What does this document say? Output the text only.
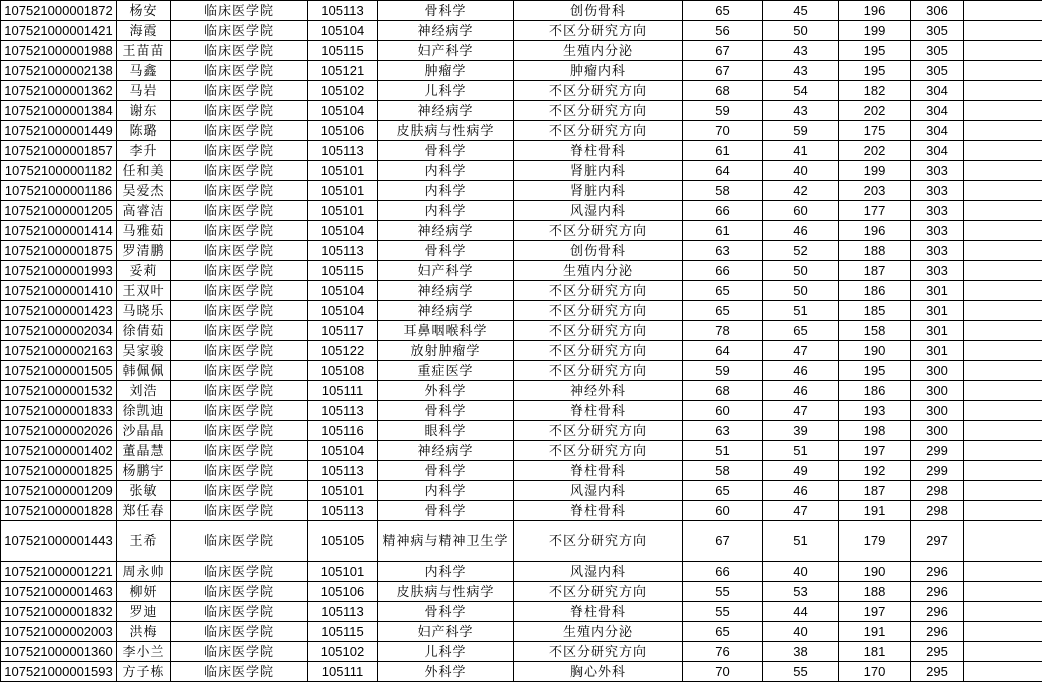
107521000001872	杨安	临床医学院	105113	骨科学	创伤骨科	65	45	196	306	
107521000001421	海霞	临床医学院	105104	神经病学	不区分研究方向	56	50	199	305	
107521000001988	王苗苗	临床医学院	105115	妇产科学	生殖内分泌	67	43	195	305	
107521000002138	马鑫	临床医学院	105121	肿瘤学	肿瘤内科	67	43	195	305	
107521000001362	马岩	临床医学院	105102	儿科学	不区分研究方向	68	54	182	304	
107521000001384	谢东	临床医学院	105104	神经病学	不区分研究方向	59	43	202	304	
107521000001449	陈璐	临床医学院	105106	皮肤病与性病学	不区分研究方向	70	59	175	304	
107521000001857	李升	临床医学院	105113	骨科学	脊柱骨科	61	41	202	304	
107521000001182	任和美	临床医学院	105101	内科学	肾脏内科	64	40	199	303	
107521000001186	吴爱杰	临床医学院	105101	内科学	肾脏内科	58	42	203	303	
107521000001205	高睿洁	临床医学院	105101	内科学	风湿内科	66	60	177	303	
107521000001414	马雅茹	临床医学院	105104	神经病学	不区分研究方向	61	46	196	303	
107521000001875	罗清鹏	临床医学院	105113	骨科学	创伤骨科	63	52	188	303	
107521000001993	妥莉	临床医学院	105115	妇产科学	生殖内分泌	66	50	187	303	
107521000001410	王双叶	临床医学院	105104	神经病学	不区分研究方向	65	50	186	301	
107521000001423	马晓乐	临床医学院	105104	神经病学	不区分研究方向	65	51	185	301	
107521000002034	徐倩茹	临床医学院	105117	耳鼻咽喉科学	不区分研究方向	78	65	158	301	
107521000002163	吴家骏	临床医学院	105122	放射肿瘤学	不区分研究方向	64	47	190	301	
107521000001505	韩佩佩	临床医学院	105108	重症医学	不区分研究方向	59	46	195	300	
107521000001532	刘浩	临床医学院	105111	外科学	神经外科	68	46	186	300	
107521000001833	徐凯迪	临床医学院	105113	骨科学	脊柱骨科	60	47	193	300	
107521000002026	沙晶晶	临床医学院	105116	眼科学	不区分研究方向	63	39	198	300	
107521000001402	董晶慧	临床医学院	105104	神经病学	不区分研究方向	51	51	197	299	
107521000001825	杨鹏宇	临床医学院	105113	骨科学	脊柱骨科	58	49	192	299	
107521000001209	张敏	临床医学院	105101	内科学	风湿内科	65	46	187	298	
107521000001828	郑任春	临床医学院	105113	骨科学	脊柱骨科	60	47	191	298	
107521000001443	王希	临床医学院	105105	精神病与精神卫生学	不区分研究方向	67	51	179	297	
107521000001221	周永帅	临床医学院	105101	内科学	风湿内科	66	40	190	296	
107521000001463	柳妍	临床医学院	105106	皮肤病与性病学	不区分研究方向	55	53	188	296	
107521000001832	罗迪	临床医学院	105113	骨科学	脊柱骨科	55	44	197	296	
107521000002003	洪梅	临床医学院	105115	妇产科学	生殖内分泌	65	40	191	296	
107521000001360	李小兰	临床医学院	105102	儿科学	不区分研究方向	76	38	181	295	
107521000001593	方子栋	临床医学院	105111	外科学	胸心外科	70	55	170	295	
